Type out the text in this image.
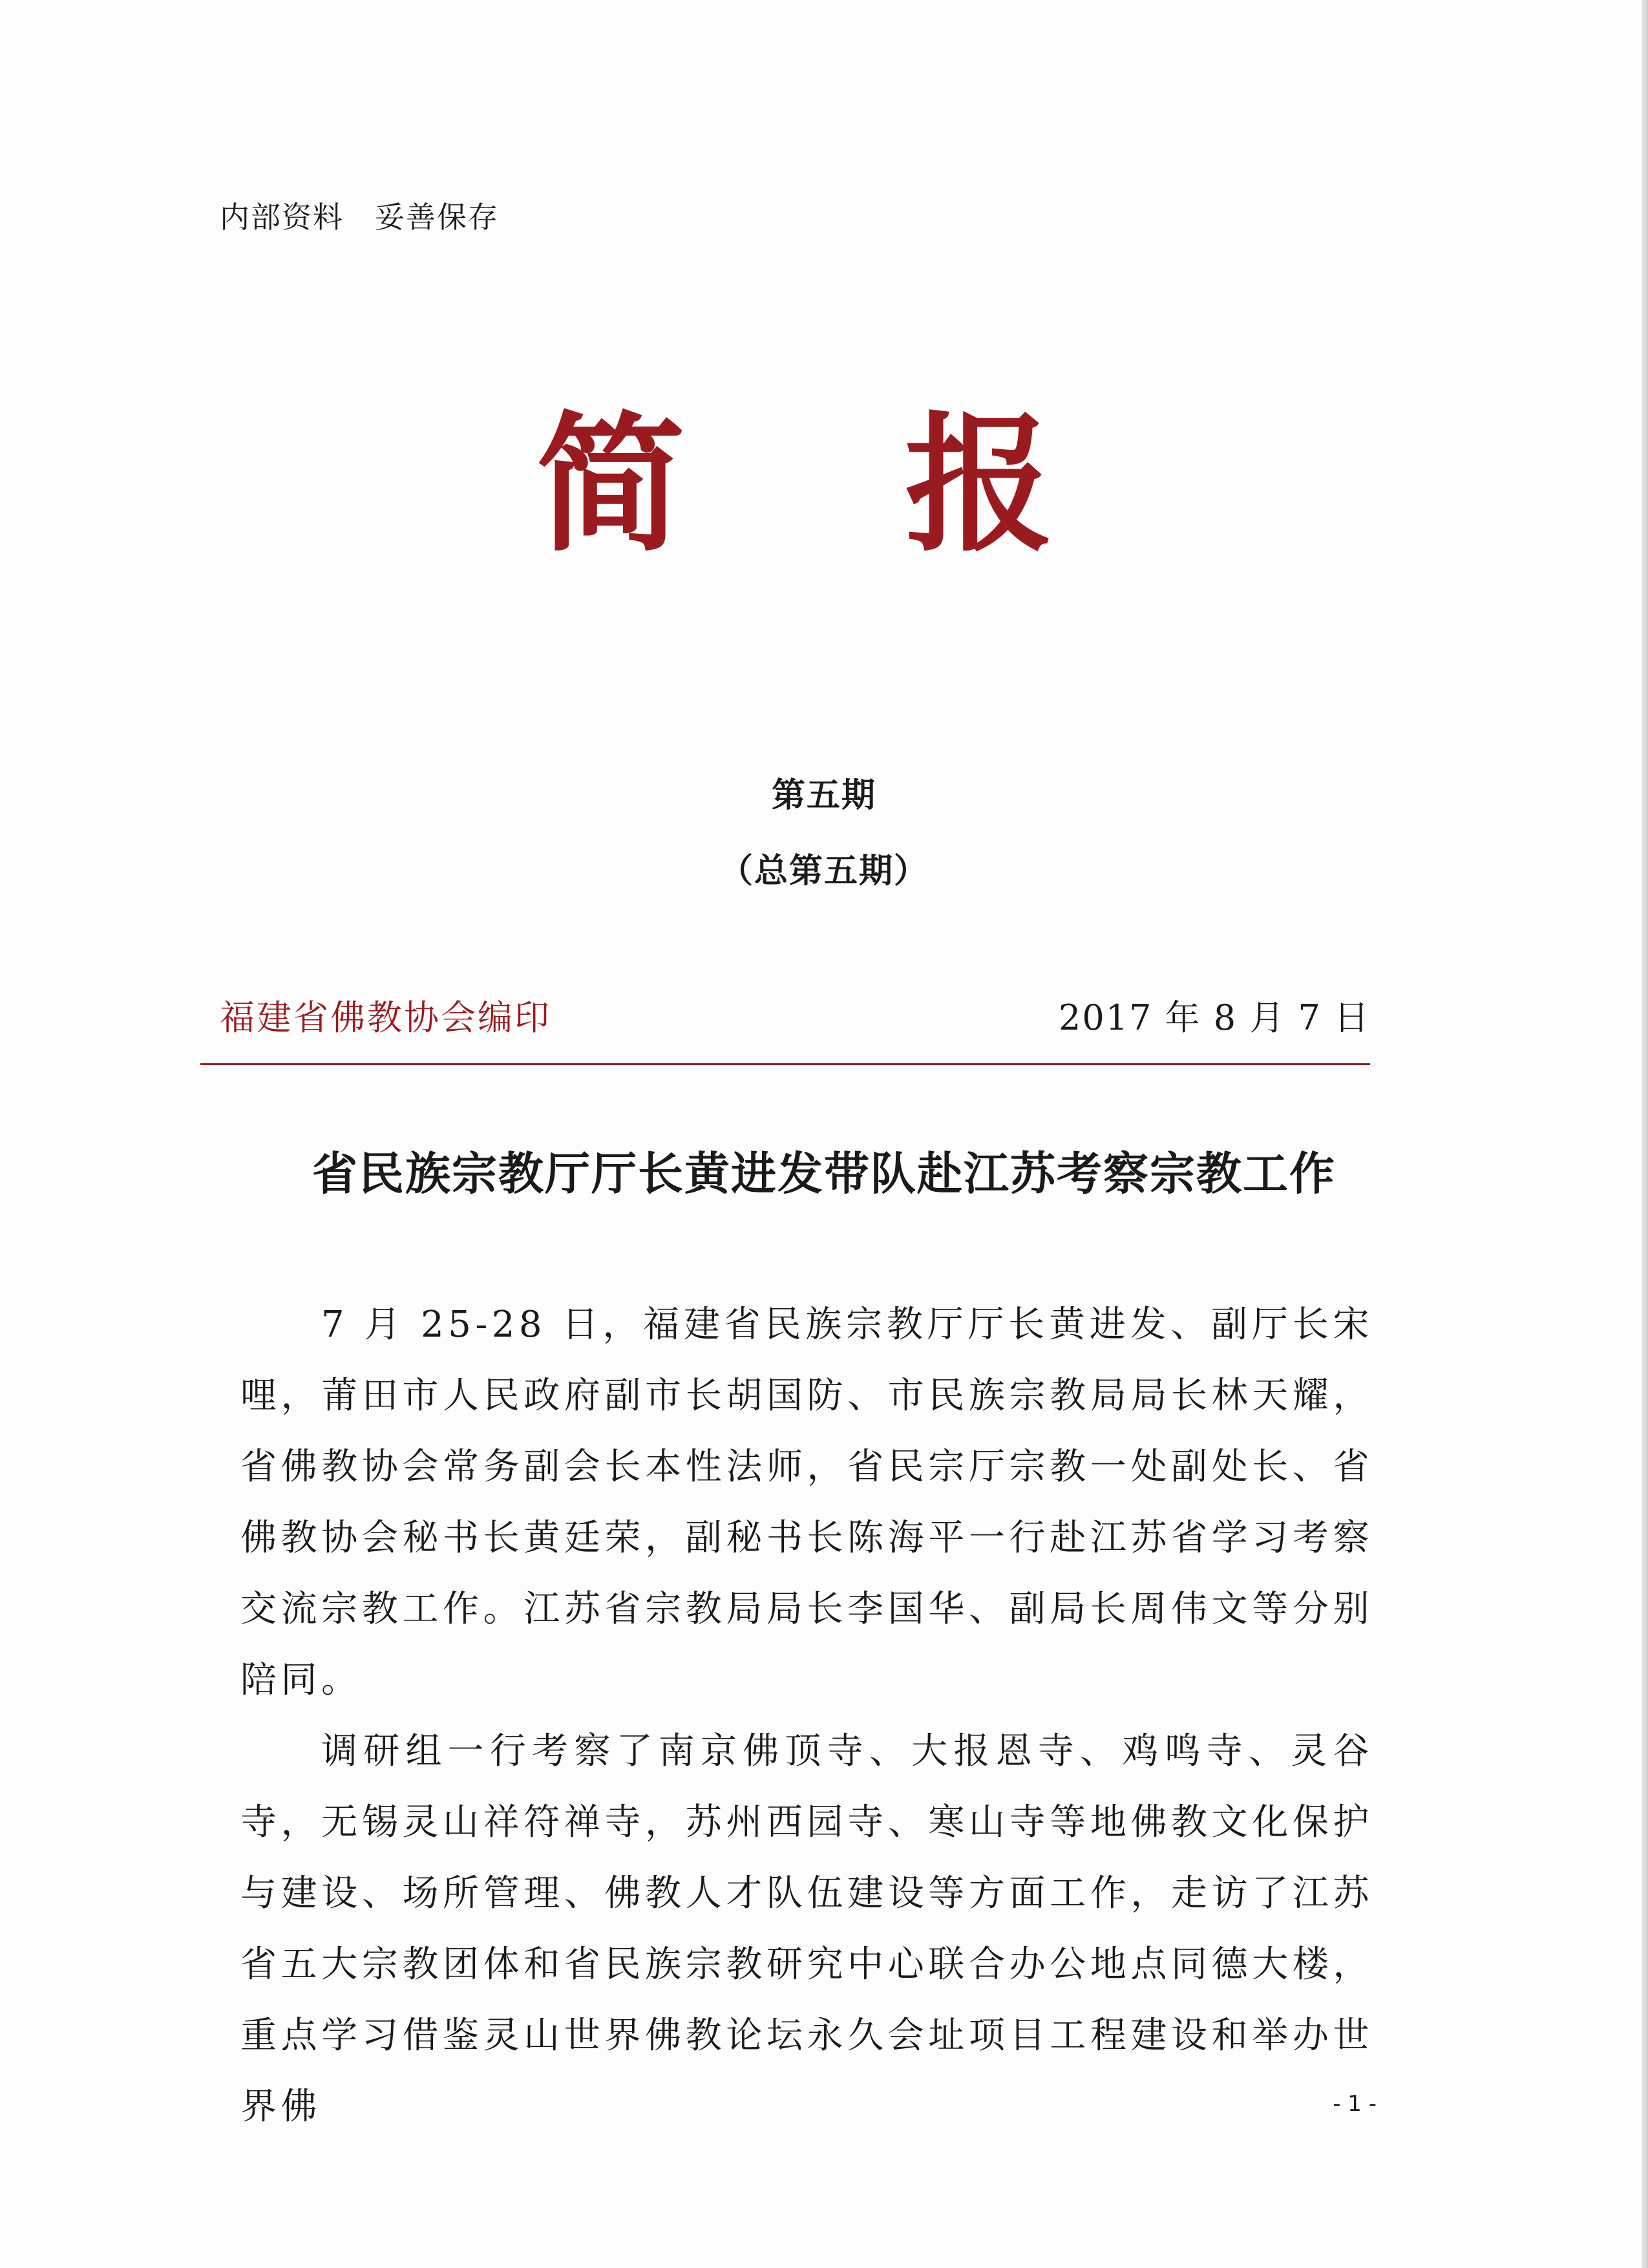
内部资料　妥善保存
简 报
第五期
（总第五期）
福建省佛教协会编印	2017 年 8 月 7 日
省民族宗教厅厅长黄进发带队赴江苏考察宗教工作

7 月 25-28 日，福建省民族宗教厅厅长黄进发、副厅长宋哩，莆田市人民政府副市长胡国防、市民族宗教局局长林天耀，省佛教协会常务副会长本性法师，省民宗厅宗教一处副处长、省佛教协会秘书长黄廷荣，副秘书长陈海平一行赴江苏省学习考察交流宗教工作。江苏省宗教局局长李国华、副局长周伟文等分别陪同。

调研组一行考察了南京佛顶寺、大报恩寺、鸡鸣寺、灵谷寺，无锡灵山祥符禅寺，苏州西园寺、寒山寺等地佛教文化保护与建设、场所管理、佛教人才队伍建设等方面工作，走访了江苏省五大宗教团体和省民族宗教研究中心联合办公地点同德大楼，重点学习借鉴灵山世界佛教论坛永久会址项目工程建设和举办世界佛	- 1 -
